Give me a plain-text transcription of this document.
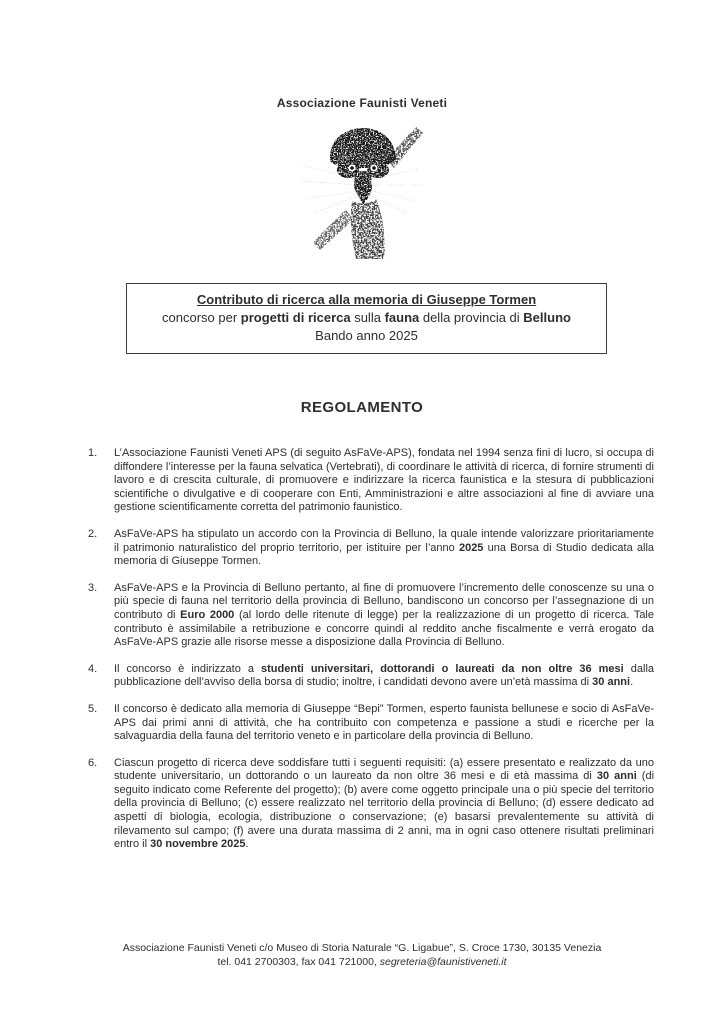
Associazione Faunisti Veneti
Contributo di ricerca alla memoria di Giuseppe Tormen
concorso per progetti di ricerca sulla fauna della provincia di Belluno
Bando anno 2025
REGOLAMENTO
1.	L’Associazione Faunisti Veneti APS (di seguito AsFaVe-APS), fondata nel 1994 senza fini di lucro, si occupa di diffondere l’interesse per la fauna selvatica (Vertebrati), di coordinare le attività di ricerca, di fornire strumenti di lavoro e di crescita culturale, di promuovere e indirizzare la ricerca faunistica e la stesura di pubblicazioni scientifiche o divulgative e di cooperare con Enti, Amministrazioni e altre associazioni al fine di avviare una gestione scientificamente corretta del patrimonio faunistico.
2.	AsFaVe-APS ha stipulato un accordo con la Provincia di Belluno, la quale intende valorizzare prioritariamente il patrimonio naturalistico del proprio territorio, per istituire per l’anno 2025 una Borsa di Studio dedicata alla memoria di Giuseppe Tormen.
3.	AsFaVe-APS e la Provincia di Belluno pertanto, al fine di promuovere l’incremento delle conoscenze su una o più specie di fauna nel territorio della provincia di Belluno, bandiscono un concorso per l’assegnazione di un contributo di Euro 2000 (al lordo delle ritenute di legge) per la realizzazione di un progetto di ricerca. Tale contributo è assimilabile a retribuzione e concorre quindi al reddito anche fiscalmente e verrà erogato da AsFaVe-APS grazie alle risorse messe a disposizione dalla Provincia di Belluno.
4.	Il concorso è indirizzato a studenti universitari, dottorandi o laureati da non oltre 36 mesi dalla pubblicazione dell’avviso della borsa di studio; inoltre, i candidati devono avere un’età massima di 30 anni.
5.	Il concorso è dedicato alla memoria di Giuseppe “Bepi” Tormen, esperto faunista bellunese e socio di AsFaVe-APS dai primi anni di attività, che ha contribuito con competenza e passione a studi e ricerche per la salvaguardia della fauna del territorio veneto e in particolare della provincia di Belluno.
6.	Ciascun progetto di ricerca deve soddisfare tutti i seguenti requisiti: (a) essere presentato e realizzato da uno studente universitario, un dottorando o un laureato da non oltre 36 mesi e di età massima di 30 anni (di seguito indicato come Referente del progetto); (b) avere come oggetto principale una o più specie del territorio della provincia di Belluno; (c) essere realizzato nel territorio della provincia di Belluno; (d) essere dedicato ad aspetti di biologia, ecologia, distribuzione o conservazione; (e) basarsi prevalentemente su attività di rilevamento sul campo; (f) avere una durata massima di 2 anni, ma in ogni caso ottenere risultati preliminari entro il 30 novembre 2025.
Associazione Faunisti Veneti c/o Museo di Storia Naturale “G. Ligabue”, S. Croce 1730, 30135 Venezia
tel. 041 2700303, fax 041 721000, segreteria@faunistiveneti.it
